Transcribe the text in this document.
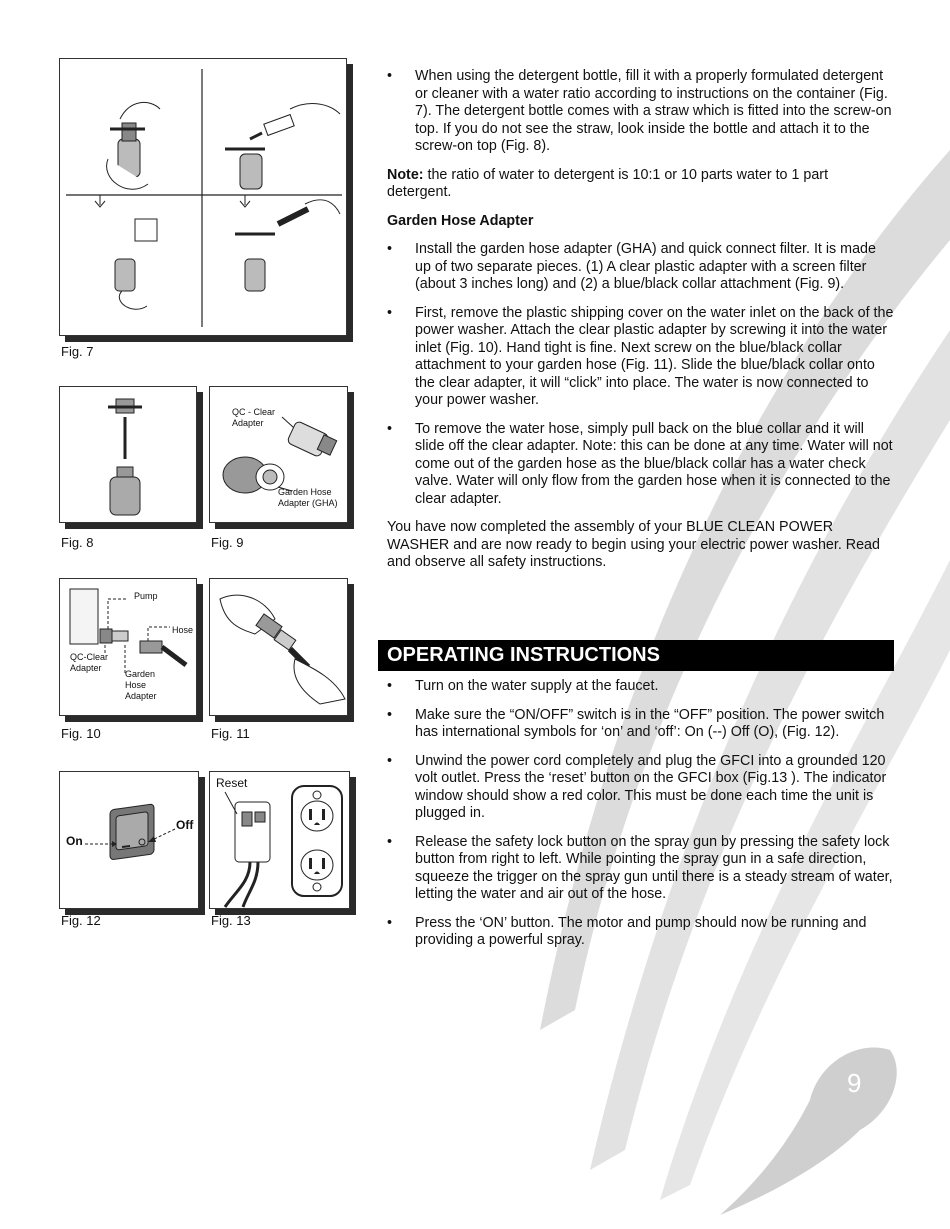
9
Fig. 7
Fig. 8
QC - Clear
Adapter
Garden Hose
Adapter (GHA)
Fig. 9
Pump
Hose
QC-Clear
Adapter
Garden
Hose
Adapter
Fig. 10	Fig. 11
On
Off
Fig. 12
Reset
Fig. 13
• When using the detergent bottle, fill it with a properly formulated detergent or cleaner with a water ratio according to instructions on the container (Fig. 7). The detergent bottle comes with a straw which is fitted into the screw-on top. If you do not see the straw, look inside the bottle and attach it to the screw-on top (Fig. 8).

Note: the ratio of water to detergent is 10:1 or 10 parts water to 1 part detergent.

Garden Hose Adapter
• Install the garden hose adapter (GHA) and quick connect filter. It is made up of two separate pieces. (1) A clear plastic adapter with a screen filter (about 3 inches long) and (2) a blue/black collar attachment (Fig. 9).
• First, remove the plastic shipping cover on the water inlet on the back of the power washer. Attach the clear plastic adapter by screwing it into the water inlet (Fig. 10). Hand tight is fine. Next screw on the blue/black collar attachment to your garden hose (Fig. 11). Slide the blue/black collar onto the clear adapter, it will “click” into place. The water is now connected to your power washer.
• To remove the water hose, simply pull back on the blue collar and it will slide off the clear adapter. Note: this can be done at any time. Water will not come out of the garden hose as the blue/black collar has a water check valve. Water will only flow from the garden hose when it is connected to the clear adapter.

You have now completed the assembly of your BLUE CLEAN POWER WASHER and are now ready to begin using your electric power washer. Read and observe all safety instructions.

OPERATING INSTRUCTIONS
• Turn on the water supply at the faucet.
• Make sure the “ON/OFF” switch is in the “OFF” position. The power switch has international symbols for ‘on’ and ‘off’: On (--) Off (O), (Fig. 12).
• Unwind the power cord completely and plug the GFCI into a grounded 120 volt outlet. Press the ‘reset’ button on the GFCI box (Fig.13 ). The indicator window should show a red color. This must be done each time the unit is plugged in.
• Release the safety lock button on the spray gun by pressing the safety lock button from right to left. While pointing the spray gun in a safe direction, squeeze the trigger on the spray gun until there is a steady stream of water, letting the water and air out of the hose.
• Press the ‘ON’ button. The motor and pump should now be running and providing a powerful spray.
